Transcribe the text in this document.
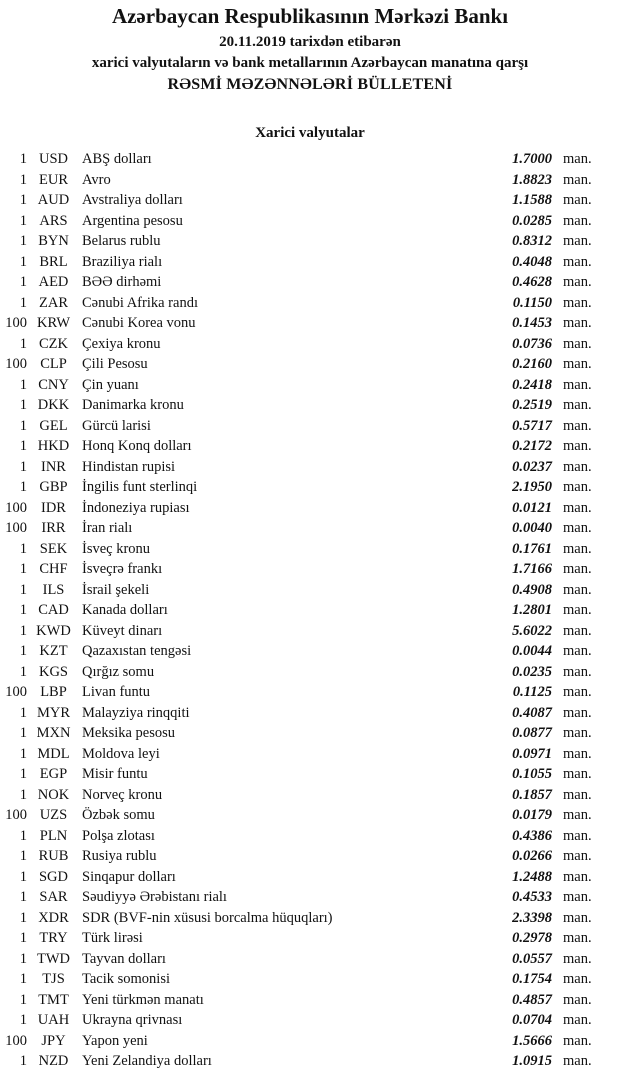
Azərbaycan Respublikasının Mərkəzi Bankı
20.11.2019 tarixdən etibarən
xarici valyutaların və bank metallarının Azərbaycan manatına qarşı
RƏSMİ MƏZƏNNƏLƏRİ BÜLLETENİ
Xarici valyutalar
1 USD ABŞ dolları	1.7000 man.
1 EUR Avro	1.8823 man.
1 AUD Avstraliya dolları	1.1588 man.
1 ARS Argentina pesosu	0.0285 man.
1 BYN Belarus rublu	0.8312 man.
1 BRL Braziliya rialı	0.4048 man.
1 AED BƏƏ dirhəmi	0.4628 man.
1 ZAR Cənubi Afrika randı	0.1150 man.
100 KRW Cənubi Korea vonu	0.1453 man.
1 CZK Çexiya kronu	0.0736 man.
100 CLP	Çili Pesosu	0.2160 man.
1 CNY Çin yuanı	0.2418 man.
1 DKK Danimarka kronu	0.2519 man.
1 GEL Gürcü larisi	0.5717 man.
1 HKD Honq Konq dolları	0.2172 man.
1 INR	Hindistan rupisi	0.0237 man.
1 GBP İngilis funt sterlinqi	2.1950 man.
100 IDR	İndoneziya rupiası	0.0121 man.
100 IRR	İran rialı	0.0040 man.
1 SEK	İsveç kronu	0.1761 man.
1 CHF İsveçrə frankı	1.7166 man.
1	ILS	İsrail şekeli	0.4908 man.
1 CAD Kanada dolları	1.2801 man.
1 KWD Küveyt dinarı	5.6022 man.
1 KZT Qazaxıstan tengəsi	0.0044 man.
1 KGS Qırğız somu	0.0235 man.
100 LBP	Livan funtu	0.1125 man.
1 MYR Malayziya rinqqiti	0.4087 man.
1 MXN Meksika pesosu	0.0877 man.
1 MDL Moldova leyi	0.0971 man.
1 EGP	Misir funtu	0.1055 man.
1 NOK Norveç kronu	0.1857 man.
100 UZS	Özbək somu	0.0179 man.
1 PLN	Polşa zlotası	0.4386 man.
1 RUB Rusiya rublu	0.0266 man.
1 SGD Sinqapur dolları	1.2488 man.
1 SAR Səudiyyə Ərəbistanı rialı	0.4533 man.
1 XDR SDR (BVF-nin xüsusi borcalma hüquqları)	2.3398 man.
1 TRY Türk lirəsi	0.2978 man.
1 TWD Tayvan dolları	0.0557 man.
1	TJS	Tacik somonisi	0.1754 man.
1 TMT Yeni türkmən manatı	0.4857 man.
1 UAH Ukrayna qrivnası	0.0704 man.
100 JPY	Yapon yeni	1.5666 man.
1 NZD Yeni Zelandiya dolları	1.0915 man.
